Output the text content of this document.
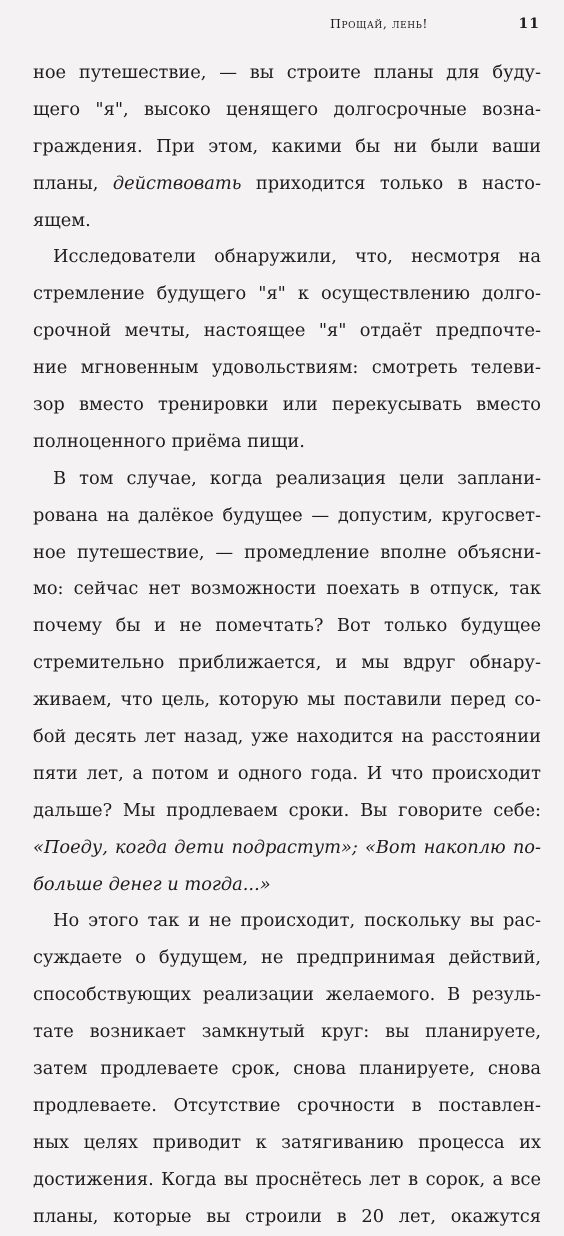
Прощай, лень!	11
ное путешествие, — вы строите планы для буду-
щего "я", высоко ценящего долгосрочные возна-
граждения. При этом, какими бы ни были ваши
планы, действовать приходится только в насто-
ящем.
Исследователи обнаружили, что, несмотря на
стремление будущего "я" к осуществлению долго-
срочной мечты, настоящее "я" отдаёт предпочте-
ние мгновенным удовольствиям: смотреть телеви-
зор вместо тренировки или перекусывать вместо
полноценного приёма пищи.
В том случае, когда реализация цели заплани-
рована на далёкое будущее — допустим, кругосвет-
ное путешествие, — промедление вполне объясни-
мо: сейчас нет возможности поехать в отпуск, так
почему бы и не помечтать? Вот только будущее
стремительно приближается, и мы вдруг обнару-
живаем, что цель, которую мы поставили перед со-
бой десять лет назад, уже находится на расстоянии
пяти лет, а потом и одного года. И что происходит
дальше? Мы продлеваем сроки. Вы говорите себе:
«Поеду, когда дети подрастут»; «Вот накоплю по-
больше денег и тогда...»
Но этого так и не происходит, поскольку вы рас-
суждаете о будущем, не предпринимая действий,
способствующих реализации желаемого. В резуль-
тате возникает замкнутый круг: вы планируете,
затем продлеваете срок, снова планируете, снова
продлеваете. Отсутствие срочности в поставлен-
ных целях приводит к затягиванию процесса их
достижения. Когда вы проснётесь лет в сорок, а все
планы, которые вы строили в 20 лет, окажутся
